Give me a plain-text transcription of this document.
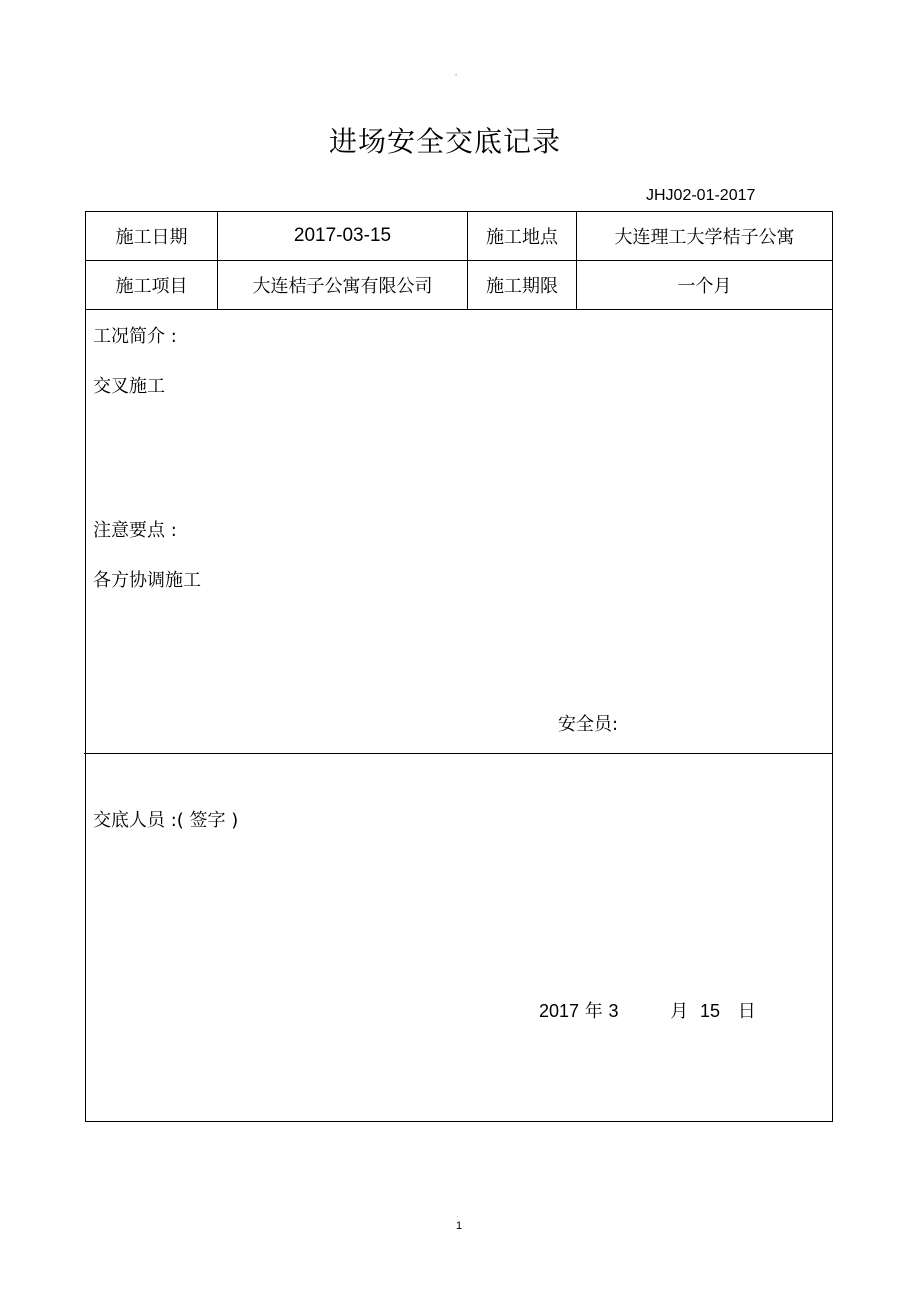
。
进场安全交底记录
JHJ02-01-2017
施工日期	2017-03-15	施工地点	大连理工大学桔子公寓
施工项目	大连桔子公寓有限公司	施工期限	一个月
工况简介 :
交叉施工
注意要点 :
各方协调施工
安全员:
交底人员 :( 签字 )
2017 年 3	月 15 日
.
1
